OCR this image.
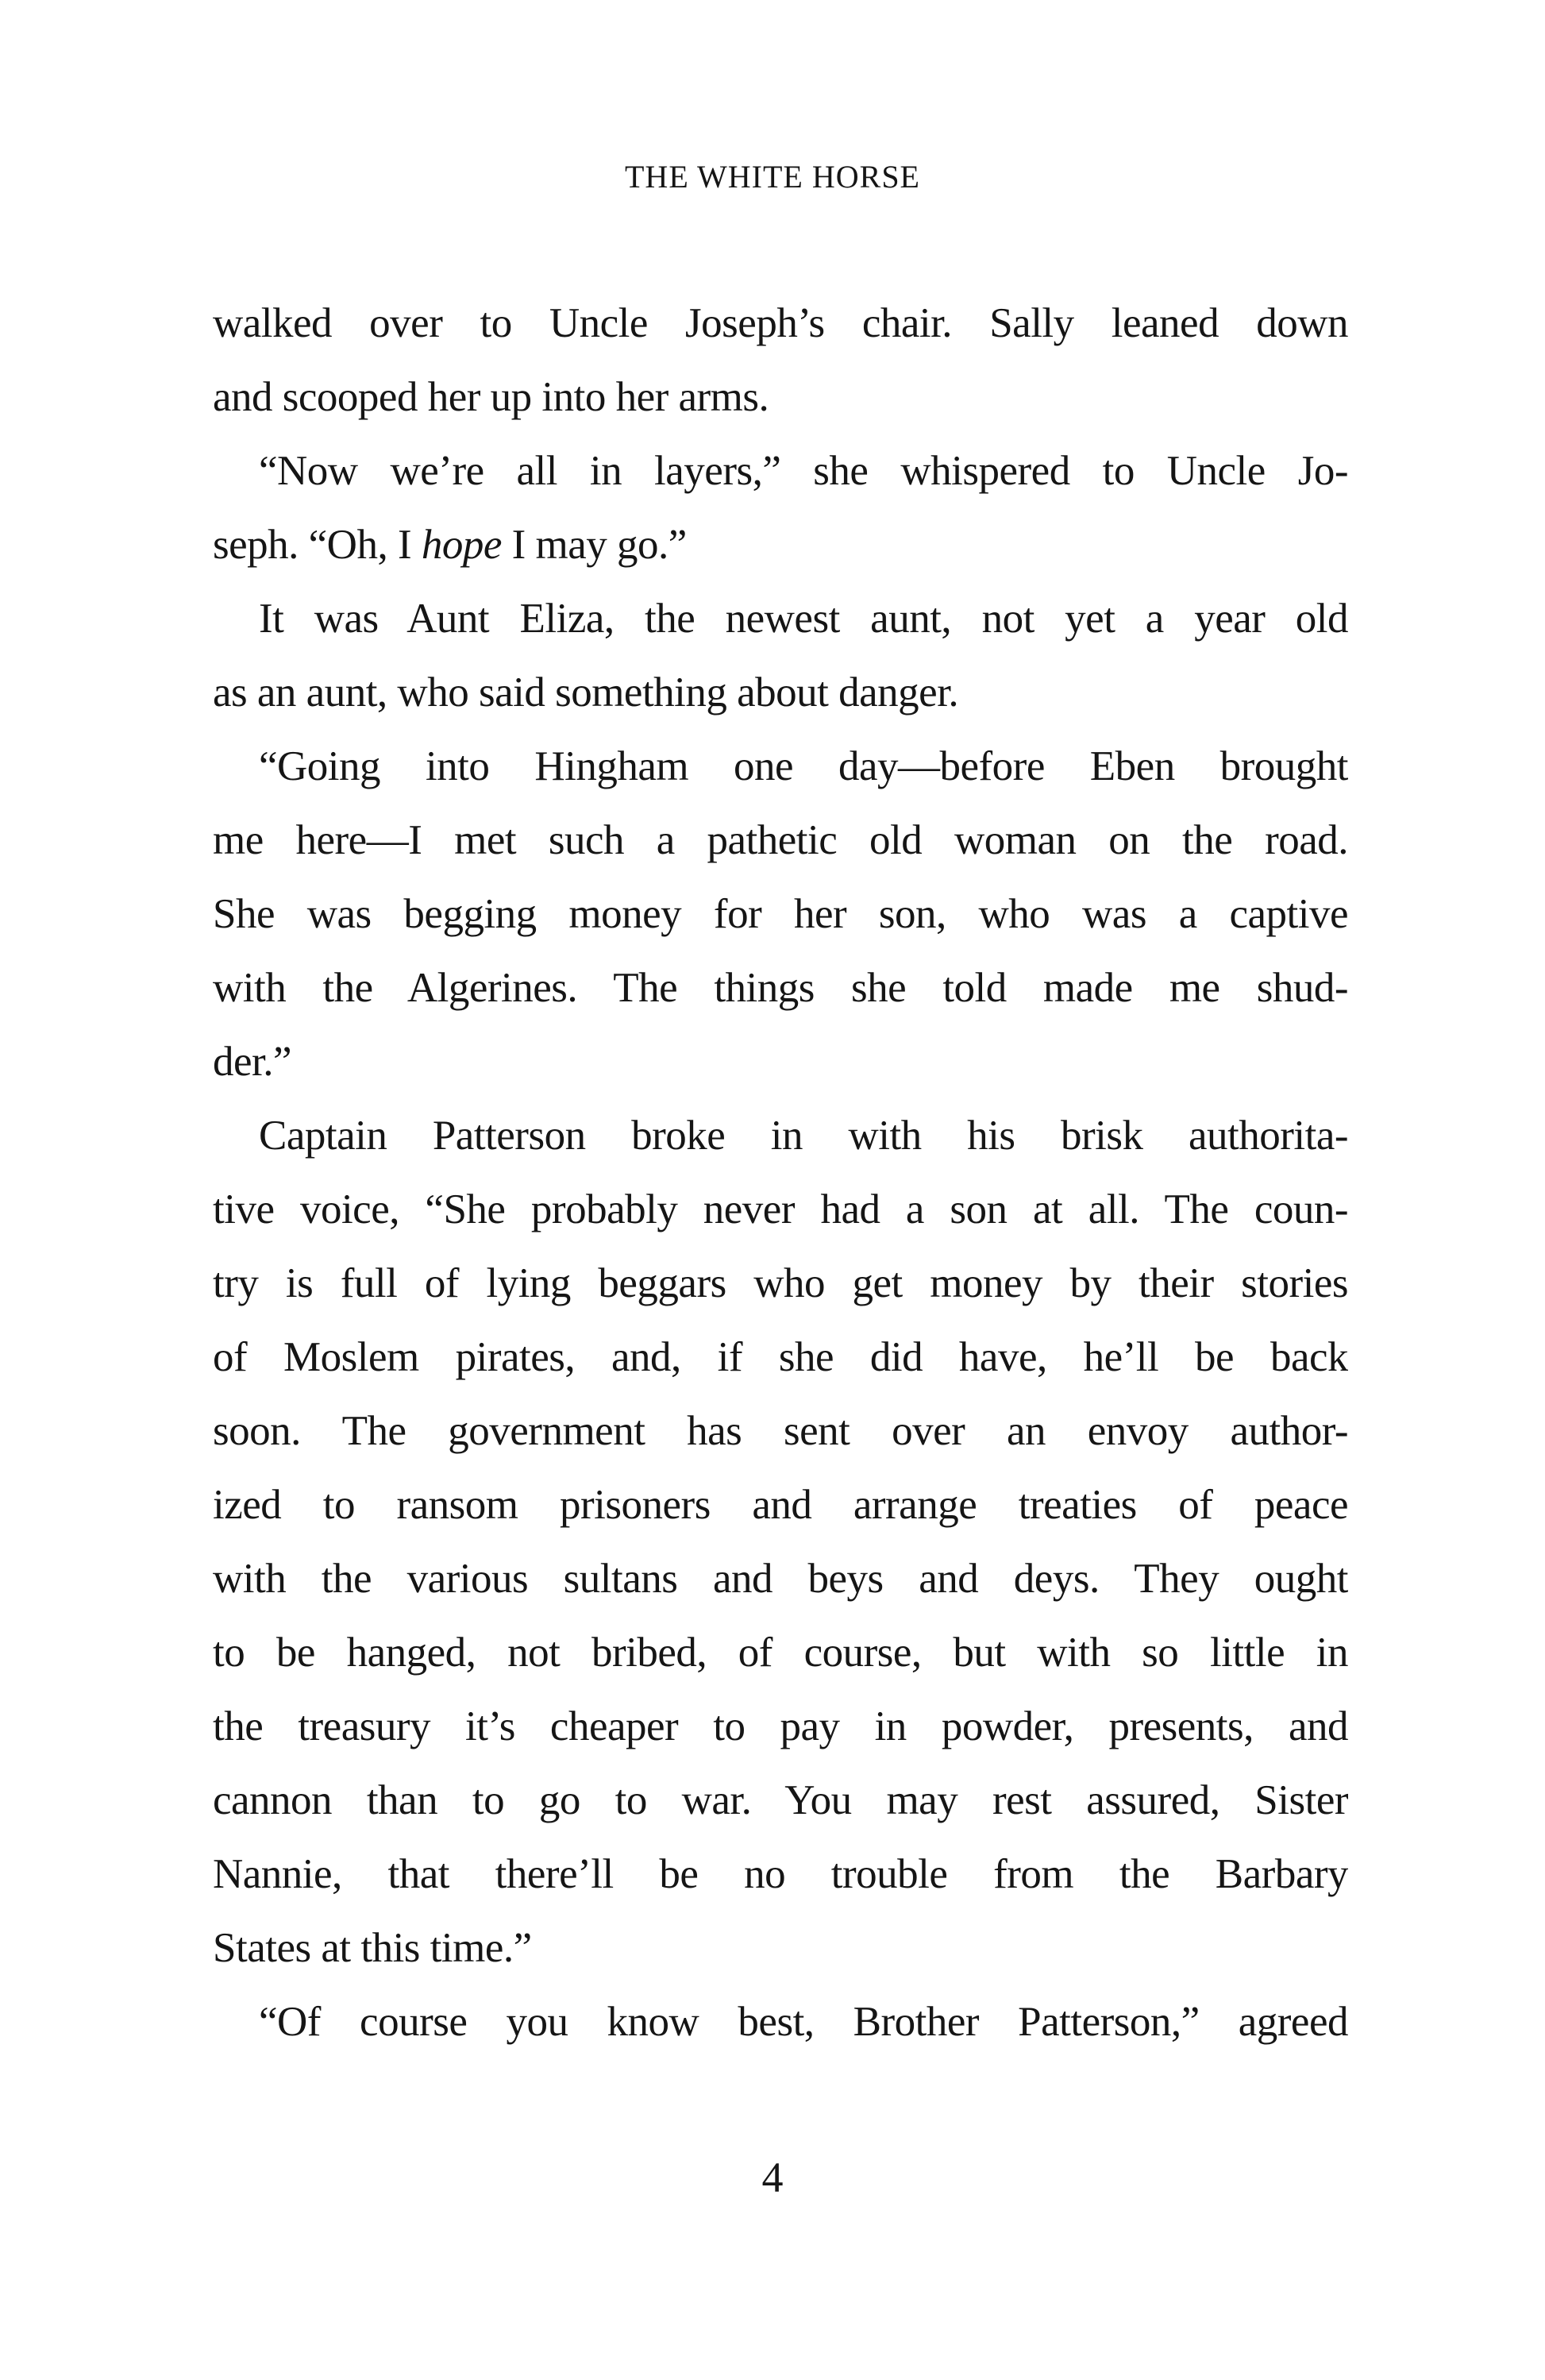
THE WHITE HORSE
walked over to Uncle Joseph’s chair. Sally leaned down
and scooped her up into her arms.
“Now we’re all in layers,” she whispered to Uncle Jo-
seph. “Oh, I hope I may go.”
It was Aunt Eliza, the newest aunt, not yet a year old
as an aunt, who said something about danger.
“Going into Hingham one day—before Eben brought
me here—I met such a pathetic old woman on the road.
She was begging money for her son, who was a captive
with the Algerines. The things she told made me shud-
der.”
Captain Patterson broke in with his brisk authorita-
tive voice, “She probably never had a son at all. The coun-
try is full of lying beggars who get money by their stories
of Moslem pirates, and, if she did have, he’ll be back
soon. The government has sent over an envoy author-
ized to ransom prisoners and arrange treaties of peace
with the various sultans and beys and deys. They ought
to be hanged, not bribed, of course, but with so little in
the treasury it’s cheaper to pay in powder, presents, and
cannon than to go to war. You may rest assured, Sister
Nannie, that there’ll be no trouble from the Barbary
States at this time.”
“Of course you know best, Brother Patterson,” agreed
4
